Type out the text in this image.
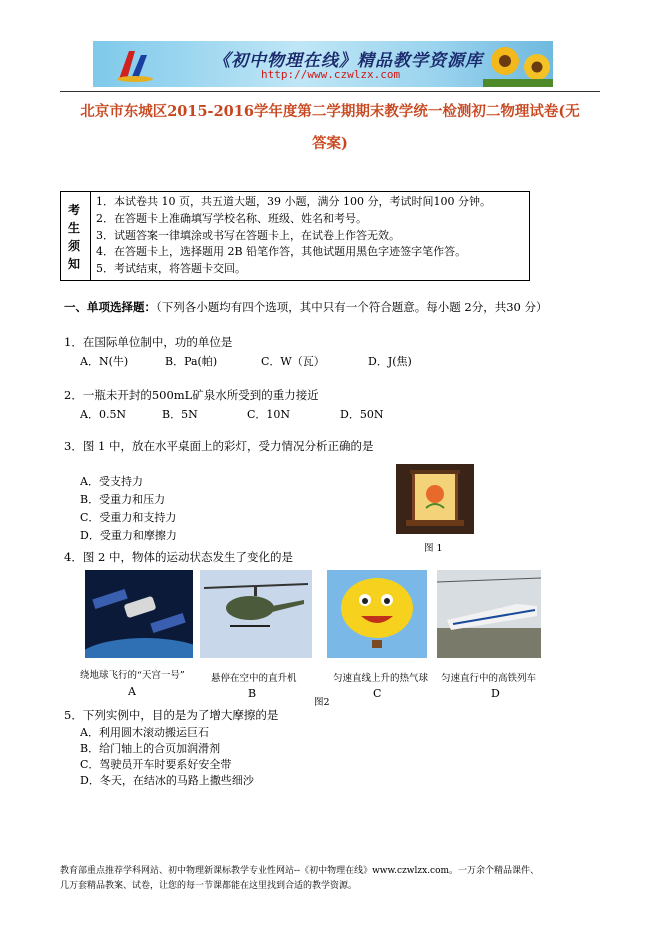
《初中物理在线》精品教学资源库
http://www.czwlzx.com
北京市东城区2015-2016学年度第二学期期末教学统一检测初二物理试卷(无
答案)
考
生
须
知
1．本试卷共 10 页，共五道大题，39 小题，满分 100 分，考试时间100 分钟。
2．在答题卡上准确填写学校名称、班级、姓名和考号。
3．试题答案一律填涂或书写在答题卡上，在试卷上作答无效。
4．在答题卡上，选择题用 2B 铅笔作答，其他试题用黑色字迹签字笔作答。
5．考试结束，将答题卡交回。
一、单项选择题：（下列各小题均有四个选项，其中只有一个符合题意。每小题 2分，共30 分）
1．在国际单位制中，功的单位是
A．N(牛)	B．Pa(帕)	C．W（瓦）	D．J(焦)
2．一瓶未开封的500mL矿泉水所受到的重力接近
A．0.5N	B．5N	C．10N	D．50N
3．图 1 中，放在水平桌面上的彩灯，受力情况分析正确的是
A．受支持力
B．受重力和压力
C．受重力和支持力
D．受重力和摩擦力
图 1
4．图 2 中，物体的运动状态发生了变化的是
绕地球飞行的“天宫一号”	悬停在空中的直升机	匀速直线上升的热气球 匀速直行中的高铁列车
A	B	C	D
图2
5．下列实例中，目的是为了增大摩擦的是
A．利用圆木滚动搬运巨石
B．给门轴上的合页加润滑剂
C．驾驶员开车时要系好安全带
D．冬天，在结冰的马路上撒些细沙
教育部重点推荐学科网站、初中物理新课标教学专业性网站--《初中物理在线》www.czwlzx.com。一万余个精品课件、
几万套精品教案、试卷，让您的每一节课都能在这里找到合适的教学资源。
